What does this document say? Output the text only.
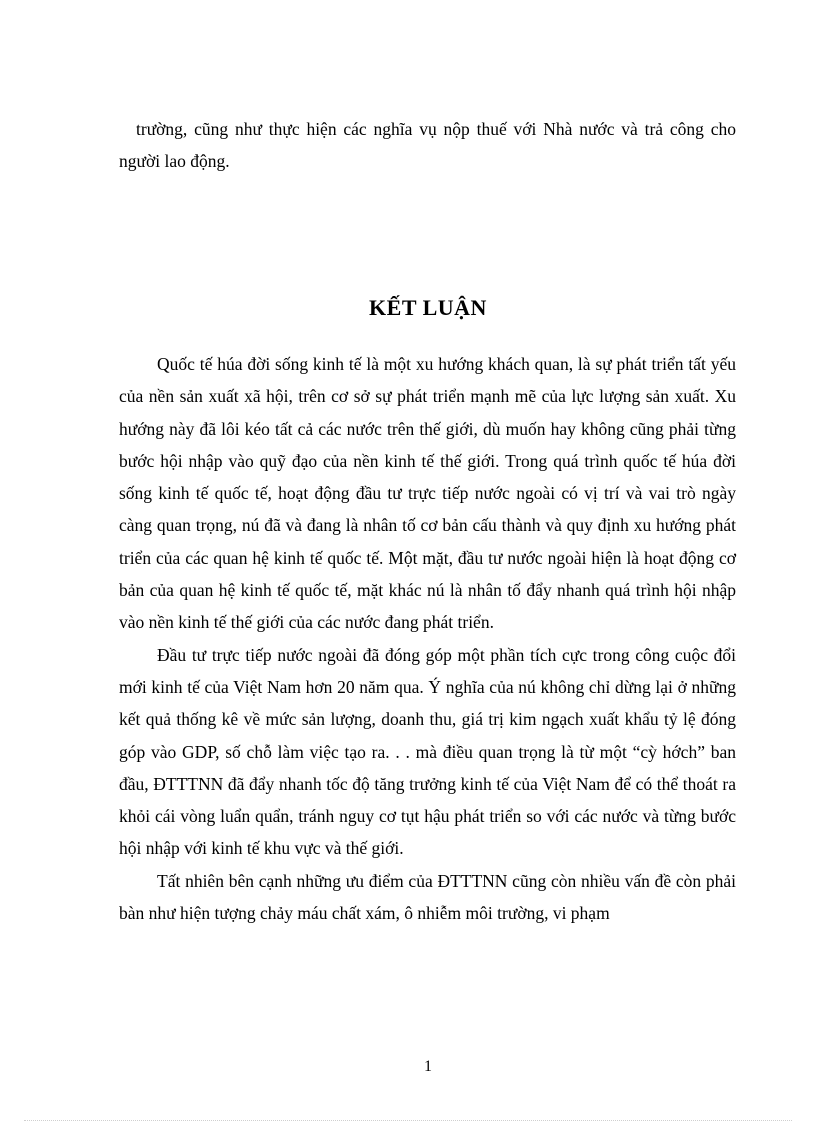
trường, cũng như thực hiện các nghĩa vụ nộp thuế với Nhà nước và trả công cho người lao động.

KẾT LUẬN

Quốc tế húa đời sống kinh tế là một xu hướng khách quan, là sự phát triển tất yếu của nền sản xuất xã hội, trên cơ sở sự phát triển mạnh mẽ của lực lượng sản xuất. Xu hướng này đã lôi kéo tất cả các nước trên thế giới, dù muốn hay không cũng phải từng bước hội nhập vào quỹ đạo của nền kinh tế thế giới. Trong quá trình quốc tế húa đời sống kinh tế quốc tế, hoạt động đầu tư trực tiếp nước ngoài có vị trí và vai trò ngày càng quan trọng, nú đã và đang là nhân tố cơ bản cấu thành và quy định xu hướng phát triển của các quan hệ kinh tế quốc tế. Một mặt, đầu tư nước ngoài hiện là hoạt động cơ bản của quan hệ kinh tế quốc tế, mặt khác nú là nhân tố đẩy nhanh quá trình hội nhập vào nền kinh tế thế giới của các nước đang phát triển.

Đầu tư trực tiếp nước ngoài đã đóng góp một phần tích cực trong công cuộc đổi mới kinh tế của Việt Nam hơn 20 năm qua. Ý nghĩa của nú không chỉ dừng lại ở những kết quả thống kê về mức sản lượng, doanh thu, giá trị kim ngạch xuất khẩu tỷ lệ đóng góp vào GDP, số chỗ làm việc tạo ra. . . mà điều quan trọng là từ một “cỳ hớch” ban đầu, ĐTTTNN đã đẩy nhanh tốc độ tăng trưởng kinh tế của Việt Nam để có thể thoát ra khỏi cái vòng luẩn quẩn, tránh nguy cơ tụt hậu phát triển so với các nước và từng bước hội nhập với kinh tế khu vực và thế giới.

Tất nhiên bên cạnh những ưu điểm của ĐTTTNN cũng còn nhiều vấn đề còn phải bàn như hiện tượng chảy máu chất xám, ô nhiễm môi trường, vi phạm

1
